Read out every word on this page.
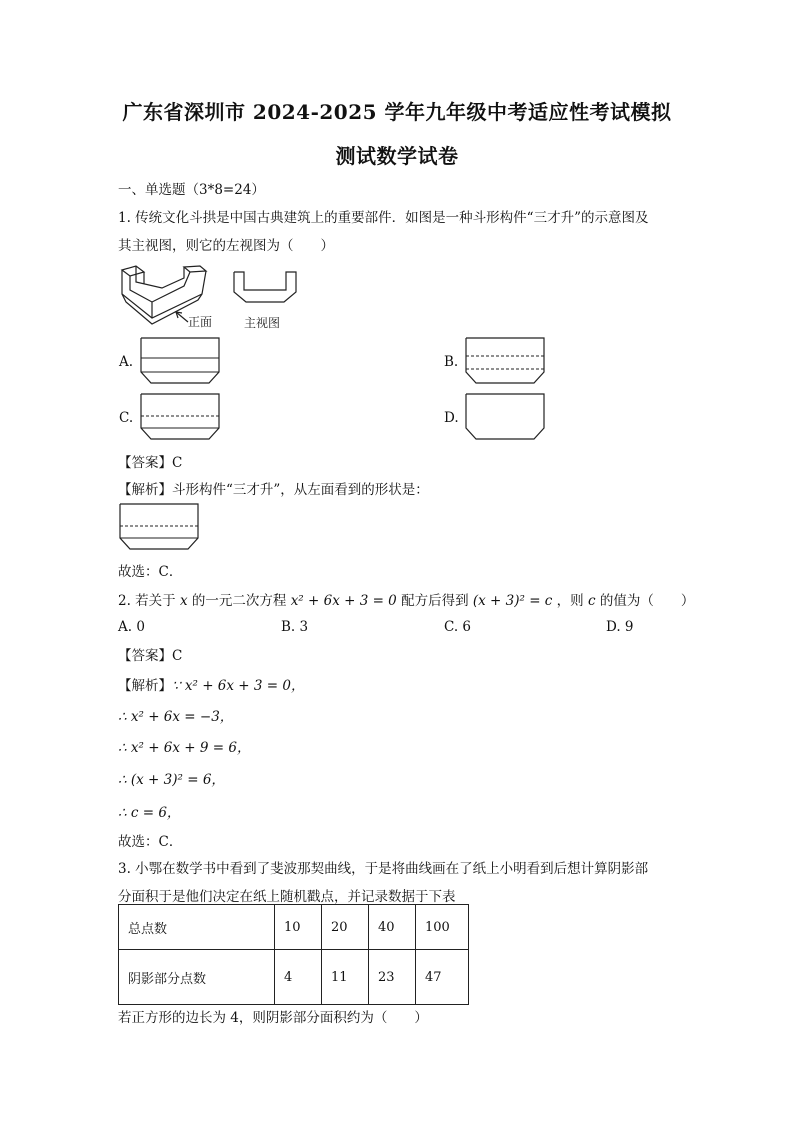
广东省深圳市 2024-2025 学年九年级中考适应性考试模拟
测试数学试卷
一、单选题（3*8=24）
1. 传统文化斗拱是中国古典建筑上的重要部件．如图是一种斗形构件“三才升”的示意图及
其主视图，则它的左视图为（　　）
正面	主视图
A.	B.
C.	D.
【答案】C
【解析】斗形构件“三才升”，从左面看到的形状是：
故选：C．
2. 若关于 x 的一元二次方程 x² + 6x + 3 = 0 配方后得到 (x + 3)² = c ，则 c 的值为（　　）
A. 0	B. 3	C. 6	D. 9
【答案】C
【解析】∵ x² + 6x + 3 = 0，
∴ x² + 6x = −3，
∴ x² + 6x + 9 = 6，
∴ (x + 3)² = 6，
∴ c = 6，
故选：C．
3. 小鄂在数学书中看到了斐波那契曲线，于是将曲线画在了纸上小明看到后想计算阴影部
分面积于是他们决定在纸上随机戳点，并记录数据于下表
总点数	10	20	40	100
阴影部分点数	4	11	23	47
若正方形的边长为 4，则阴影部分面积约为（　　）
